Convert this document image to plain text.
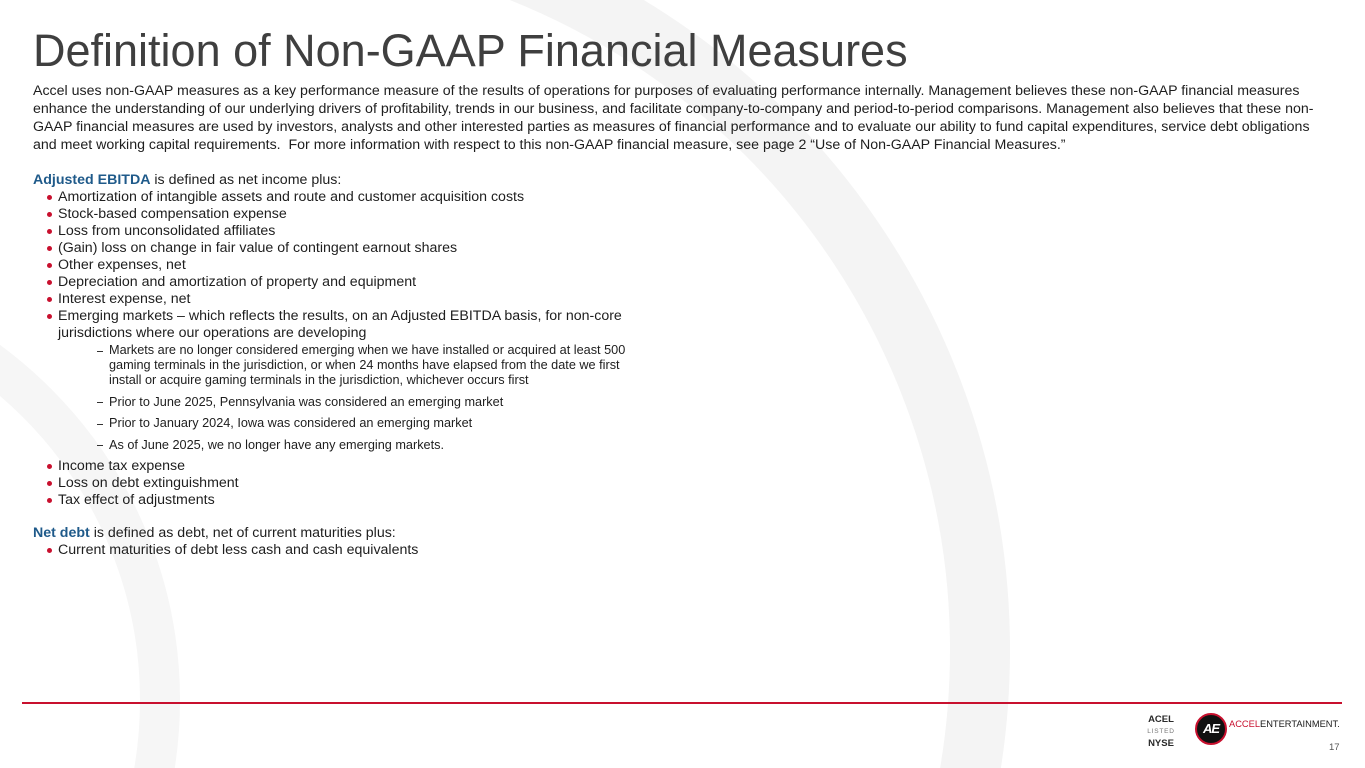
Definition of Non-GAAP Financial Measures

Accel uses non-GAAP measures as a key performance measure of the results of operations for purposes of evaluating performance internally. Management believes these non-GAAP financial measures enhance the understanding of our underlying drivers of profitability, trends in our business, and facilitate company-to-company and period-to-period comparisons. Management also believes that these non-GAAP financial measures are used by investors, analysts and other interested parties as measures of financial performance and to evaluate our ability to fund capital expenditures, service debt obligations and meet working capital requirements.  For more information with respect to this non-GAAP financial measure, see page 2 “Use of Non-GAAP Financial Measures.”

Adjusted EBITDA is defined as net income plus:
Amortization of intangible assets and route and customer acquisition costs
Stock-based compensation expense
Loss from unconsolidated affiliates
(Gain) loss on change in fair value of contingent earnout shares
Other expenses, net
Depreciation and amortization of property and equipment
Interest expense, net
Emerging markets – which reflects the results, on an Adjusted EBITDA basis, for non-core jurisdictions where our operations are developing
Markets are no longer considered emerging when we have installed or acquired at least 500 gaming terminals in the jurisdiction, or when 24 months have elapsed from the date we first install or acquire gaming terminals in the jurisdiction, whichever occurs first
Prior to June 2025, Pennsylvania was considered an emerging market
Prior to January 2024, Iowa was considered an emerging market
As of June 2025, we no longer have any emerging markets.
Income tax expense
Loss on debt extinguishment
Tax effect of adjustments
Net debt is defined as debt, net of current maturities plus:
Current maturities of debt less cash and cash equivalents
ACEL
LISTED
NYSE
AE	ACCELENTERTAINMENT.
17
